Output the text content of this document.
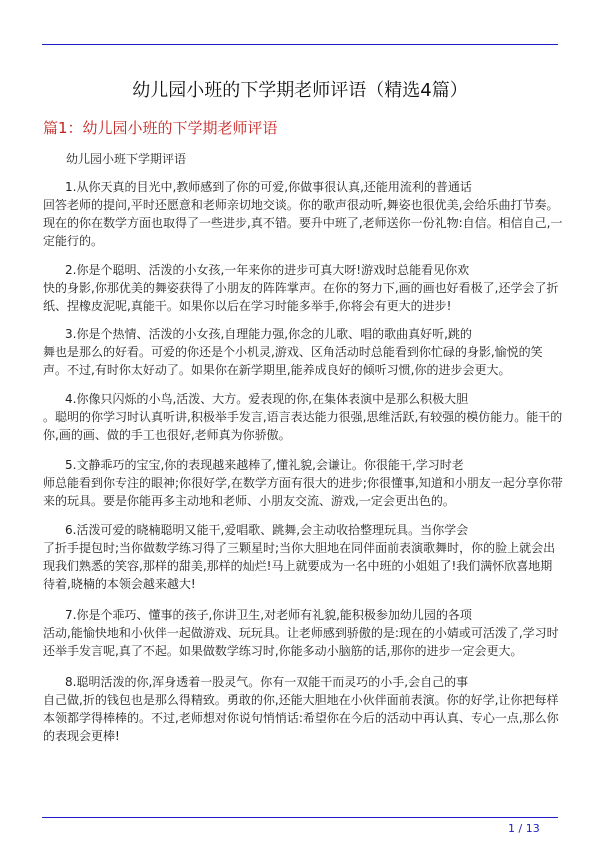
幼儿园小班的下学期老师评语（精选4篇）
篇1：幼儿园小班的下学期老师评语

幼儿园小班下学期评语

1.从你天真的目光中,教师感到了你的可爱,你做事很认真,还能用流利的普通话
回答老师的提问,平时还愿意和老师亲切地交谈。你的歌声很动听,舞姿也很优美,会给乐曲打节奏。现在的你在数学方面也取得了一些进步,真不错。要升中班了,老师送你一份礼物:自信。相信自己,一定能行的。

2.你是个聪明、活泼的小女孩,一年来你的进步可真大呀!游戏时总能看见你欢
快的身影,你那优美的舞姿获得了小朋友的阵阵掌声。在你的努力下,画的画也好看极了,还学会了折纸、捏橡皮泥呢,真能干。如果你以后在学习时能多举手,你将会有更大的进步!

3.你是个热情、活泼的小女孩,自理能力强,你念的儿歌、唱的歌曲真好听,跳的
舞也是那么的好看。可爱的你还是个小机灵,游戏、区角活动时总能看到你忙碌的身影,愉悦的笑声。不过,有时你太好动了。如果你在新学期里,能养成良好的倾听习惯,你的进步会更大。

4.你像只闪烁的小鸟,活泼、大方。爱表现的你,在集体表演中是那么积极大胆
。聪明的你学习时认真听讲,积极举手发言,语言表达能力很强,思维活跃,有较强的模仿能力。能干的你,画的画、做的手工也很好,老师真为你骄傲。

5.文静乖巧的宝宝,你的表现越来越棒了,懂礼貌,会谦让。你很能干,学习时老
师总能看到你专注的眼神;你很好学,在数学方面有很大的进步;你很懂事,知道和小朋友一起分享你带来的玩具。要是你能再多主动地和老师、小朋友交流、游戏,一定会更出色的。

6.活泼可爱的晓楠聪明又能干,爱唱歌、跳舞,会主动收拾整理玩具。当你学会
了折手提包时;当你做数学练习得了三颗星时;当你大胆地在同伴面前表演歌舞时，你的脸上就会出现我们熟悉的笑容,那样的甜美,那样的灿烂!马上就要成为一名中班的小姐姐了!我们满怀欣喜地期待着,晓楠的本领会越来越大!

7.你是个乖巧、懂事的孩子,你讲卫生,对老师有礼貌,能积极参加幼儿园的各项
活动,能愉快地和小伙伴一起做游戏、玩玩具。让老师感到骄傲的是:现在的小婧或可活泼了,学习时还举手发言呢,真了不起。如果做数学练习时,你能多动小脑筋的话,那你的进步一定会更大。

8.聪明活泼的你,浑身透着一股灵气。你有一双能干而灵巧的小手,会自己的事
自己做,折的钱包也是那么得精致。勇敢的你,还能大胆地在小伙伴面前表演。你的好学,让你把每样本领都学得棒棒的。不过,老师想对你说句悄悄话:希望你在今后的活动中再认真、专心一点,那么你的表现会更棒!

1 / 13
